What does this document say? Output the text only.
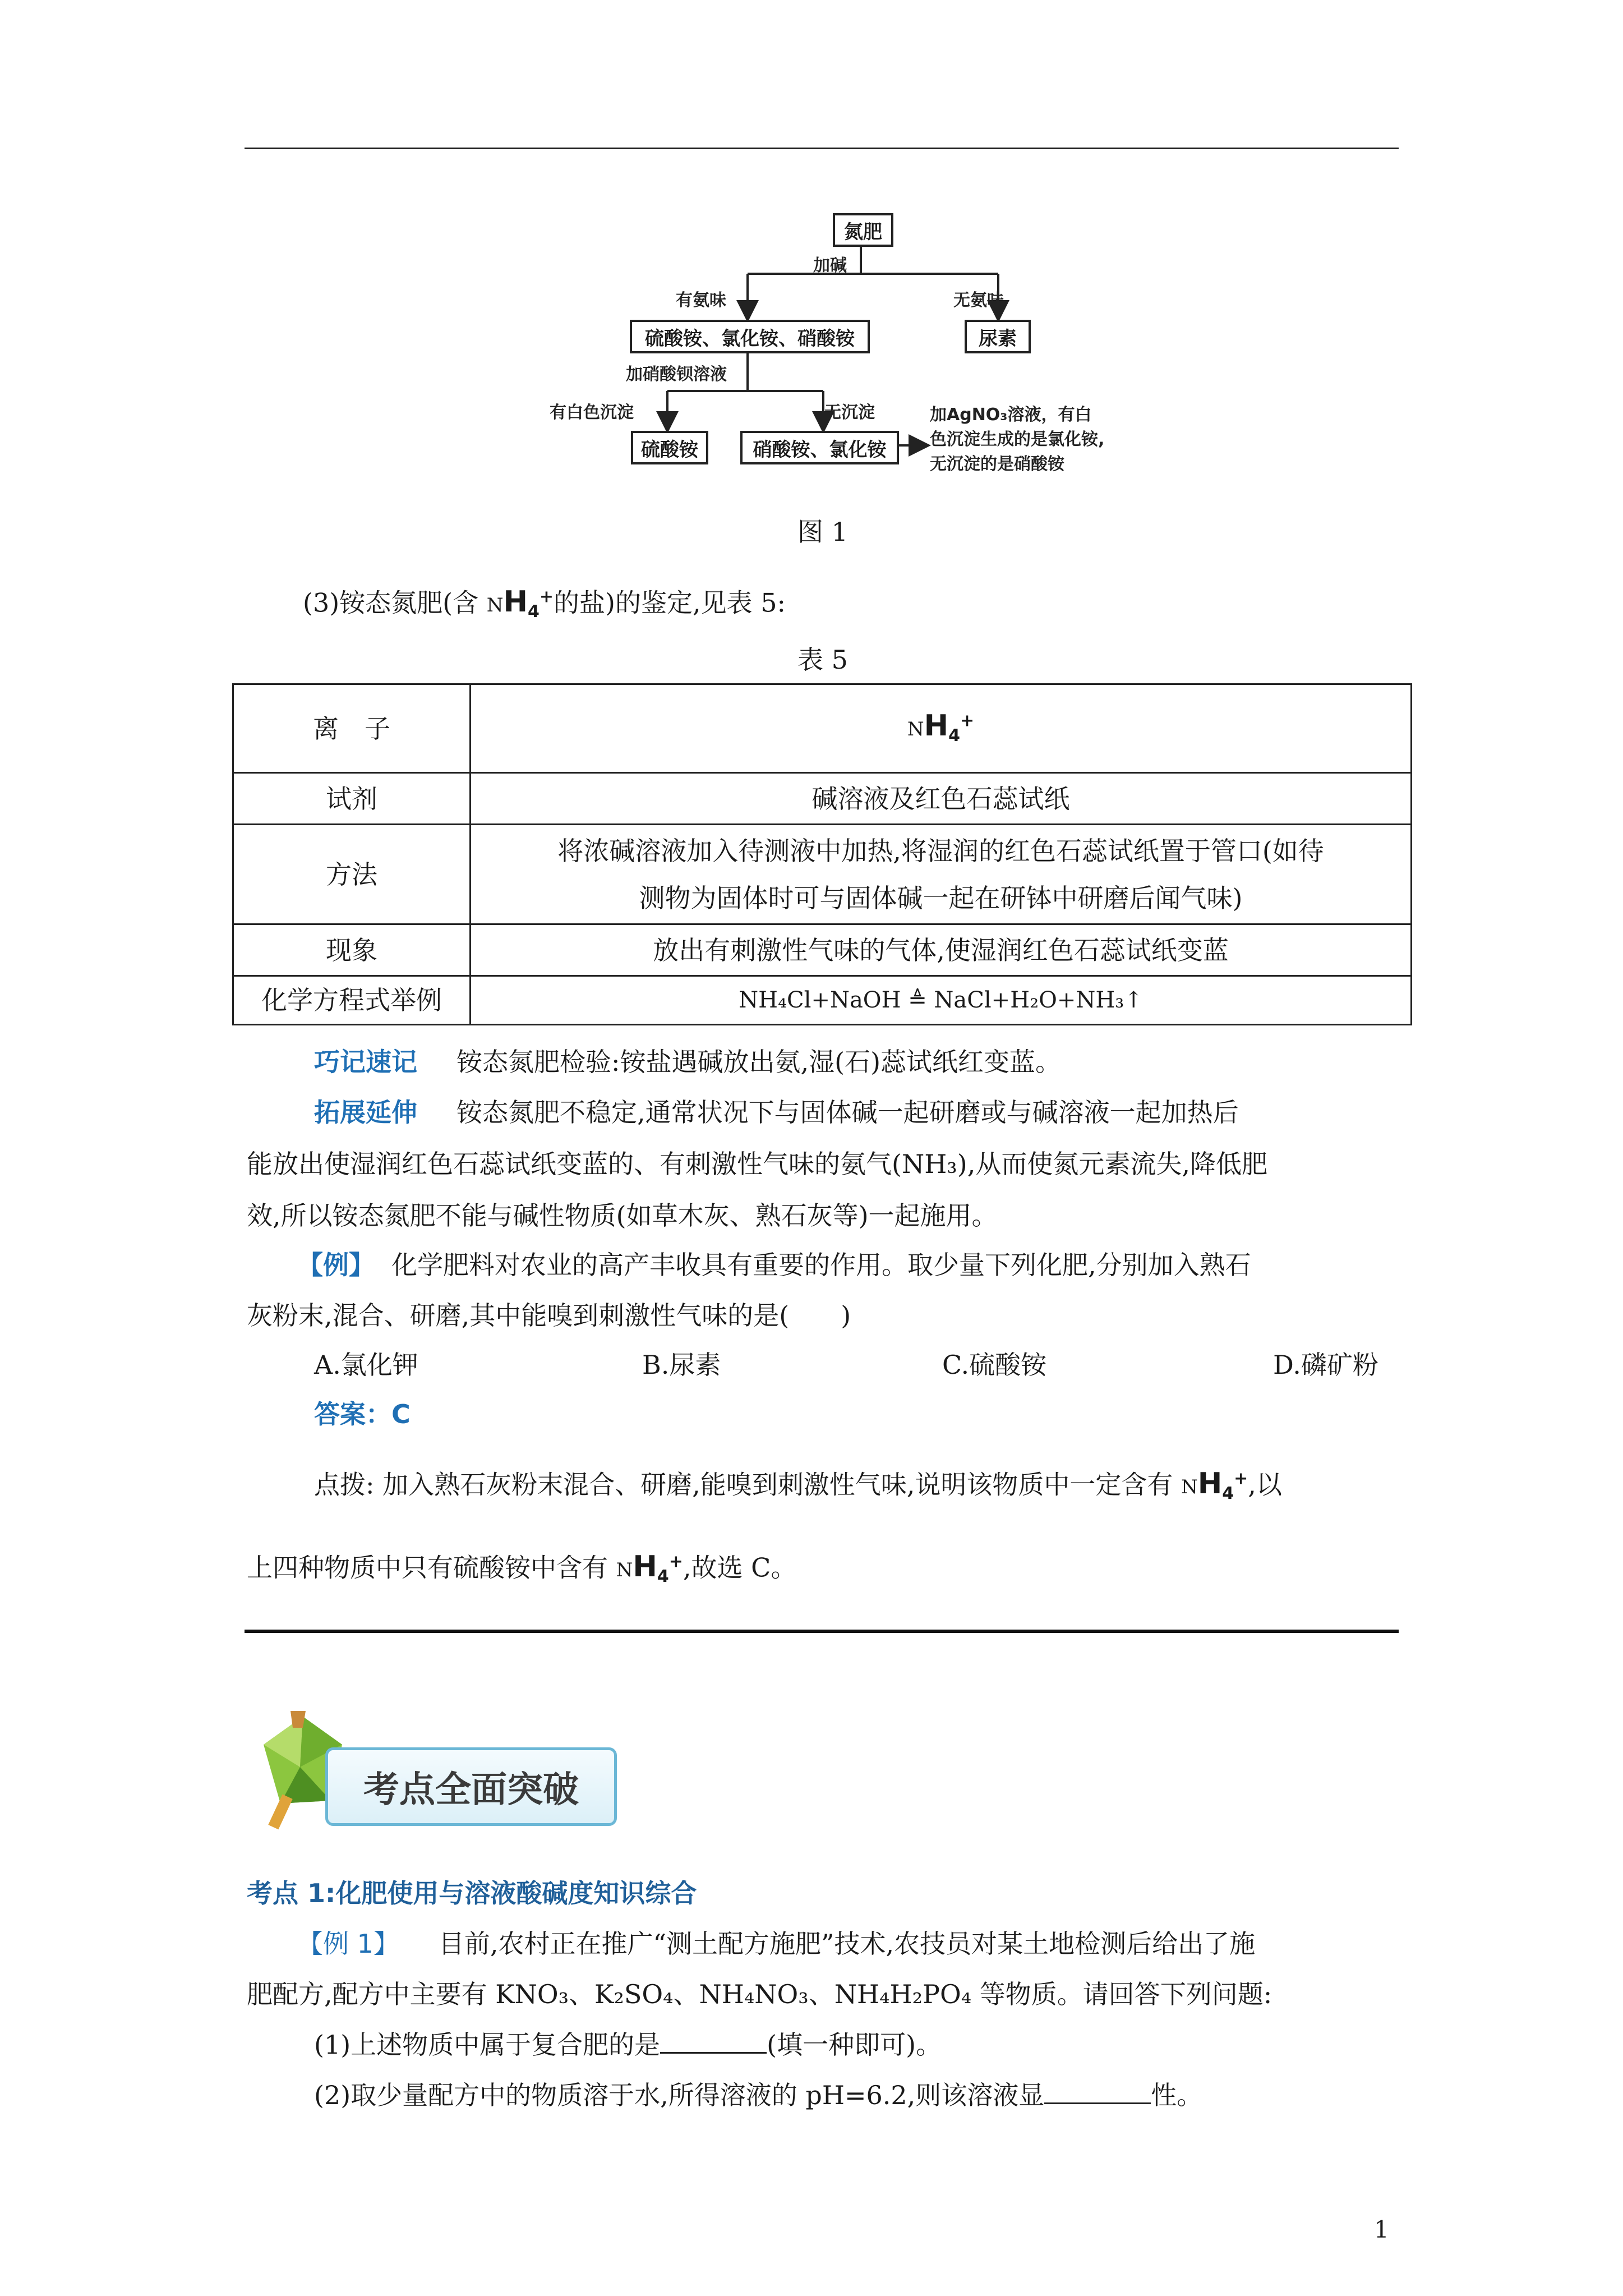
氮肥
加碱
有氨味	无氨味
硫酸铵、氯化铵、硝酸铵	尿素
加硝酸钡溶液
有白色沉淀	无沉淀
硫酸铵	硝酸铵、氯化铵
加AgNO₃溶液，有白
色沉淀生成的是氯化铵,
无沉淀的是硝酸铵
图 1
(3)铵态氮肥(含 $NH_4^+$的盐)的鉴定,见表 5:
表 5
离　子	$NH_4^+$
试剂	碱溶液及红色石蕊试纸
方法	将浓碱溶液加入待测液中加热,将湿润的红色石蕊试纸置于管口(如待
测物为固体时可与固体碱一起在研钵中研磨后闻气味)

现象	放出有刺激性气味的气体,使湿润红色石蕊试纸变蓝
化学方程式举例	NH₄Cl+NaOH ≜ NaCl+H₂O+NH₃↑
巧记速记 铵态氮肥检验:铵盐遇碱放出氨,湿(石)蕊试纸红变蓝。
拓展延伸 铵态氮肥不稳定,通常状况下与固体碱一起研磨或与碱溶液一起加热后
能放出使湿润红色石蕊试纸变蓝的、有刺激性气味的氨气(NH₃),从而使氮元素流失,降低肥
效,所以铵态氮肥不能与碱性物质(如草木灰、熟石灰等)一起施用。
【例】 化学肥料对农业的高产丰收具有重要的作用。取少量下列化肥,分别加入熟石
灰粉末,混合、研磨,其中能嗅到刺激性气味的是(　　)
A.氯化钾	B.尿素	C.硫酸铵	D.磷矿粉
答案：C
点拨: 加入熟石灰粉末混合、研磨,能嗅到刺激性气味,说明该物质中一定含有 $NH_4^+$,以
上四种物质中只有硫酸铵中含有 $NH_4^+$,故选 C。
考点全面突破
考点 1:化肥使用与溶液酸碱度知识综合
【例 1】 目前,农村正在推广“测土配方施肥”技术,农技员对某土地检测后给出了施
肥配方,配方中主要有 KNO₃、K₂SO₄、NH₄NO₃、NH₄H₂PO₄ 等物质。请回答下列问题:
(1)上述物质中属于复合肥的是	(填一种即可)。
(2)取少量配方中的物质溶于水,所得溶液的 pH=6.2,则该溶液显	性。
1
